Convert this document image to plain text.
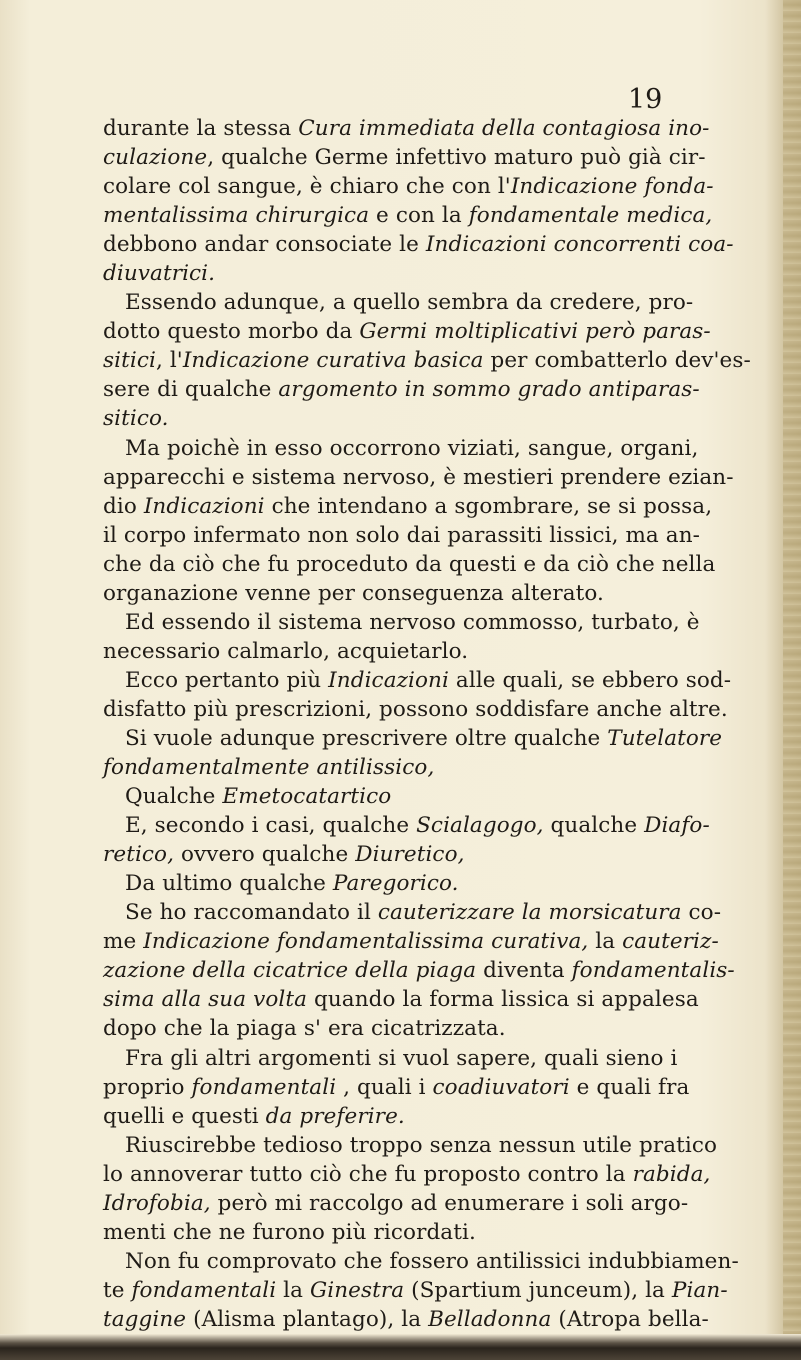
19
durante la stessa Cura immediata della contagiosa ino-
culazione, qualche Germe infettivo maturo può già cir-
colare col sangue, è chiaro che con l'Indicazione fonda-
mentalissima chirurgica e con la fondamentale medica,
debbono andar consociate le Indicazioni concorrenti coa-
diuvatrici.
Essendo adunque, a quello sembra da credere, pro-
dotto questo morbo da Germi moltiplicativi però paras-
sitici, l'Indicazione curativa basica per combatterlo dev'es-
sere di qualche argomento in sommo grado antiparas-
sitico.
Ma poichè in esso occorrono viziati, sangue, organi,
apparecchi e sistema nervoso, è mestieri prendere ezian-
dio Indicazioni che intendano a sgombrare, se si possa,
il corpo infermato non solo dai parassiti lissici, ma an-
che da ciò che fu proceduto da questi e da ciò che nella
organazione venne per conseguenza alterato.
Ed essendo il sistema nervoso commosso, turbato, è
necessario calmarlo, acquietarlo.
Ecco pertanto più Indicazioni alle quali, se ebbero sod-
disfatto più prescrizioni, possono soddisfare anche altre.
Si vuole adunque prescrivere oltre qualche Tutelatore
fondamentalmente antilissico,
Qualche Emetocatartico
E, secondo i casi, qualche Scialagogo, qualche Diafo-
retico, ovvero qualche Diuretico,
Da ultimo qualche Paregorico.
Se ho raccomandato il cauterizzare la morsicatura co-
me Indicazione fondamentalissima curativa, la cauteriz-
zazione della cicatrice della piaga diventa fondamentalis-
sima alla sua volta quando la forma lissica si appalesa
dopo che la piaga s' era cicatrizzata.
Fra gli altri argomenti si vuol sapere, quali sieno i
proprio fondamentali , quali i coadiuvatori e quali fra
quelli e questi da preferire.
Riuscirebbe tedioso troppo senza nessun utile pratico
lo annoverar tutto ciò che fu proposto contro la rabida,
Idrofobia, però mi raccolgo ad enumerare i soli argo-
menti che ne furono più ricordati.
Non fu comprovato che fossero antilissici indubbiamen-
te fondamentali la Ginestra (Spartium junceum), la Pian-
taggine (Alisma plantago), la Belladonna (Atropa bella-
